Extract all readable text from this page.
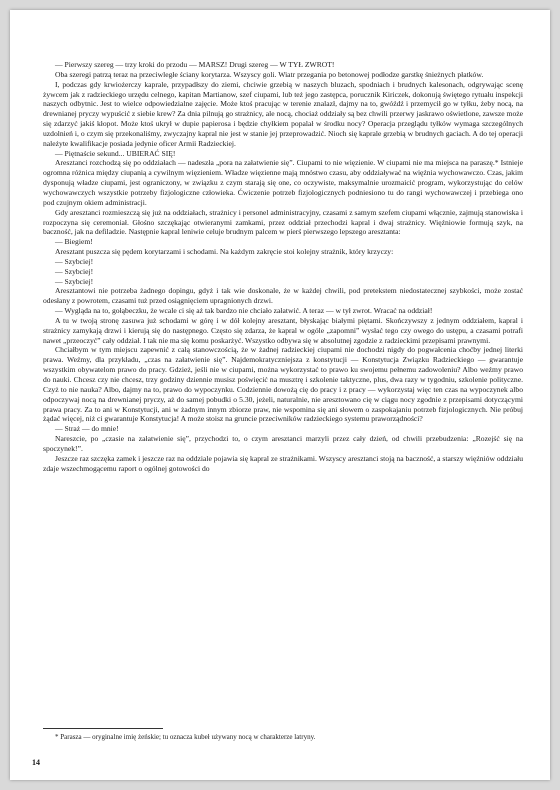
— Pierwszy szereg — trzy kroki do przodu — MARSZ! Drugi szereg — W TYŁ ZWROT!

Oba szeregi patrzą teraz na przeciwległe ściany korytarza. Wszyscy goli. Wiatr przegania po betonowej podłodze garstkę śnieżnych płatków.

I, podczas gdy krwiożerczy kaprale, przypadłszy do ziemi, chciwie grzebią w naszych bluzach, spodniach i brudnych kalesonach, odgrywając scenę żywcem jak z radzieckiego urzędu celnego, kapitan Martianow, szef ciupami, lub też jego zastępca, porucznik Kiriczek, dokonują świętego rytuału inspekcji naszych odbytnic. Jest to wielce odpowiedzialne zajęcie. Może ktoś pracując w terenie znalazł, dajmy na to, gwóźdź i przemycił go w tyłku, żeby nocą, na drewnianej pryczy wypuścić z siebie krew? Za dnia pilnują go strażnicy, ale nocą, chociaż oddziały są bez chwili przerwy jaskrawo oświetlone, zawsze może się zdarzyć jakiś kłopot. Może ktoś ukrył w dupie papierosa i będzie chyłkiem popalał w środku nocy? Operacja przeglądu tyłków wymaga szczególnych uzdolnień i, o czym się przekonaliśmy, zwyczajny kapral nie jest w stanie jej przeprowadzić. Nioch się kaprale grzebią w brudnych gaciach. A do tej operacji należyte kwalifikacje posiada jedynie oficer Armii Radzieckiej.

— Piętnaście sekund... UBIERAĆ SIĘ!

Aresztanci rozchodzą się po oddziałach — nadeszła „pora na załatwienie się”. Ciupami to nie więzienie. W ciupami nie ma miejsca na paraszę.* Istnieje ogromna różnica między ciupanią a cywilnym więzieniem. Władze więzienne mają mnóstwo czasu, aby oddziaływać na więźnia wychowawczo. Czas, jakim dysponują władze ciupami, jest ograniczony, w związku z czym starają się one, co oczywiste, maksymalnie urozmaicić program, wykorzystując do celów wychowawczych wszystkie potrzeby fizjologiczne człowieka. Ćwiczenie potrzeb fizjologicznych podniesiono tu do rangi wychowawczej i przebiega ono pod czujnym okiem administracji.

Gdy aresztanci rozmieszczą się już na oddziałach, strażnicy i personel administracyjny, czasami z samym szefem ciupami włącznie, zajmują stanowiska i rozpoczyna się ceremoniał. Głośno szczękając otwieranymi zamkami, przez oddział przechodzi kapral i dwaj strażnicy. Więźniowie formują szyk, na baczność, jak na defiladzie. Następnie kapral leniwie celuje brudnym palcem w pierś pierwszego lepszego aresztanta:

— Biegiem!

Aresztant puszcza się pędem korytarzami i schodami. Na każdym zakręcie stoi kolejny strażnik, który krzyczy:

— Szybciej!

— Szybciej!

— Szybciej!

Aresztantowi nie potrzeba żadnego dopingu, gdyż i tak wie doskonale, że w każdej chwili, pod pretekstem niedostatecznej szybkości, może zostać odesłany z powrotem, czasami tuż przed osiągnięciem upragnionych drzwi.

— Wygląda na to, gołąbeczku, że wcale ci się aż tak bardzo nie chciało załatwić. A teraz — w tył zwrot. Wracać na oddział!

A tu w twoją stronę zasuwa już schodami w górę i w dół kolejny aresztant, błyskając białymi piętami. Skończywszy z jednym oddziałem, kapral i strażnicy zamykają drzwi i kierują się do następnego. Często się zdarza, że kapral w ogóle „zapomni” wysłać tego czy owego do ustępu, a czasami potrafi nawet „przeoczyć” cały oddział. I tak nie ma się komu poskarżyć. Wszystko odbywa się w absolutnej zgodzie z radzieckimi przepisami prawnymi.

Chciałbym w tym miejscu zapewnić z całą stanowczością, że w żadnej radzieckiej ciupami nie dochodzi nigdy do pogwałcenia choćby jednej literki prawa. Weźmy, dla przykładu, „czas na załatwienie się”. Najdemokratyczniejsza z konstytucji — Konstytucja Związku Radzieckiego — gwarantuje wszystkim obywatelom prawo do pracy. Gdzież, jeśli nie w ciupami, można wykorzystać to prawo ku swojemu pełnemu zadowoleniu? Albo weźmy prawo do nauki. Chcesz czy nie chcesz, trzy godziny dziennie musisz poświęcić na musztrę i szkolenie taktyczne, plus, dwa razy w tygodniu, szkolenie polityczne. Czyż to nie nauka? Albo, dajmy na to, prawo do wypoczynku. Codziennie dowożą cię do pracy i z pracy — wykorzystaj więc ten czas na wypoczynek albo odpoczywaj nocą na drewnianej pryczy, aż do samej pobudki o 5.30, jeżeli, naturalnie, nie aresztowano cię w ciągu nocy zgodnie z przepisami dotyczącymi prawa pracy. Za to ani w Konstytucji, ani w żadnym innym zbiorze praw, nie wspomina się ani słowem o zaspokajaniu potrzeb fizjologicznych. Nie próbuj żądać więcej, niż ci gwarantuje Konstytucja! A może stoisz na gruncie przeciwników radzieckiego systemu praworządności?

— Straż — do mnie!

Nareszcie, po „czasie na załatwienie się”, przychodzi to, o czym aresztanci marzyli przez cały dzień, od chwili przebudzenia: „Rozejść się na spoczynek!”.

Jeszcze raz szczęka zamek i jeszcze raz na oddziale pojawia się kapral ze strażnikami. Wszyscy aresztanci stoją na baczność, a starszy więźniów oddziału zdaje wszechmogącemu raport o ogólnej gotowości do

* Parasza — oryginalne imię żeńskie; tu oznacza kubeł używany nocą w charakterze latryny.
14
